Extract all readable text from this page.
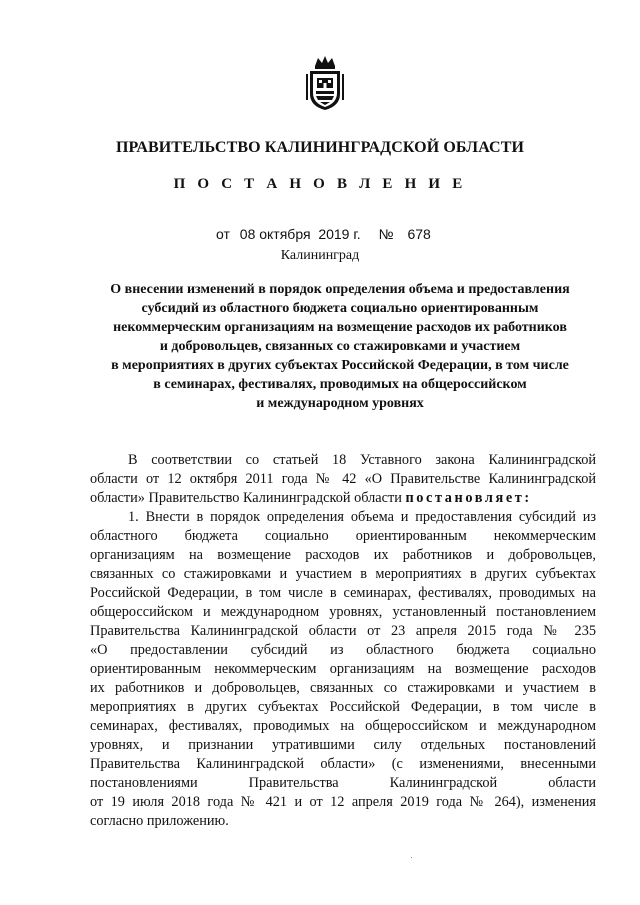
ПРАВИТЕЛЬСТВО КАЛИНИНГРАДСКОЙ ОБЛАСТИ
П О С Т А Н О В Л Е Н И Е
от 08 октября  2019 г. № 678
Калининград
О внесении изменений в порядок определения объема и предоставления
субсидий из областного бюджета социально ориентированным
некоммерческим организациям на возмещение расходов их работников
и добровольцев, связанных со стажировками и участием
в мероприятиях в других субъектах Российской Федерации, в том числе
в семинарах, фестивалях, проводимых на общероссийском
и международном уровнях
В соответствии со статьей 18 Уставного закона Калининградской
области от 12 октября 2011 года № 42 «О Правительстве Калининградской
области» Правительство Калининградской области постановляет:
1. Внести в порядок определения объема и предоставления субсидий из
областного бюджета социально ориентированным некоммерческим
организациям на возмещение расходов их работников и добровольцев,
связанных со стажировками и участием в мероприятиях в других субъектах
Российской Федерации, в том числе в семинарах, фестивалях, проводимых на
общероссийском и международном уровнях, установленный постановлением
Правительства Калининградской области от 23 апреля 2015 года № 235
«О предоставлении субсидий из областного бюджета социально
ориентированным некоммерческим организациям на возмещение расходов
их работников и добровольцев, связанных со стажировками и участием в
мероприятиях в других субъектах Российской Федерации, в том числе в
семинарах, фестивалях, проводимых на общероссийском и международном
уровнях, и признании утратившими силу отдельных постановлений
Правительства Калининградской области» (с изменениями, внесенными
постановлениями Правительства Калининградской области
от 19 июля 2018 года № 421 и от 12 апреля 2019 года № 264), изменения
согласно приложению.
